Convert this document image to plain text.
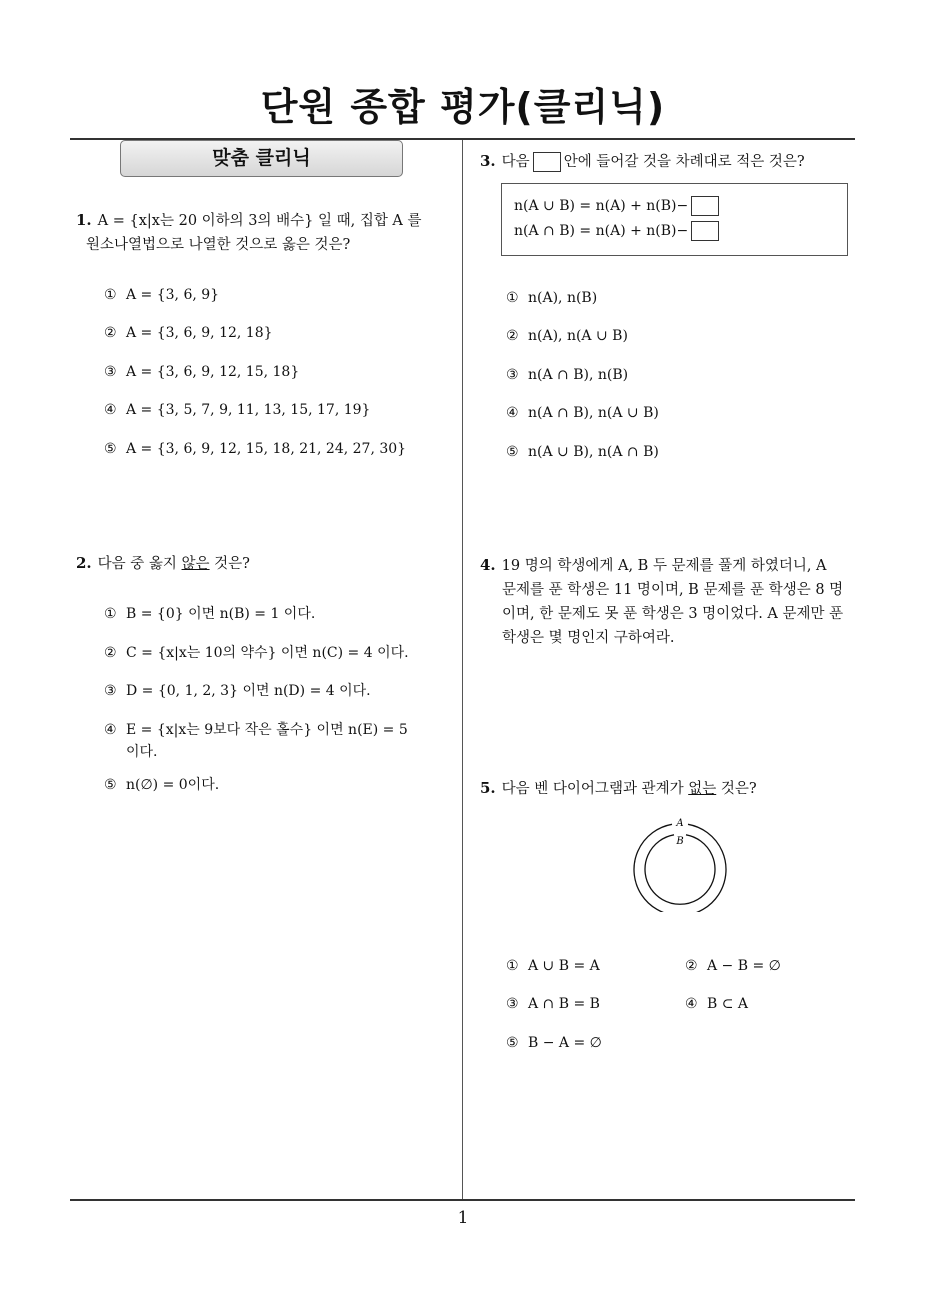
단원 종합 평가(클리닉)
1
맞춤 클리닉
1. A = {x|x는 20 이하의 3의 배수} 일 때, 집합 A 를
원소나열법으로 나열한 것으로 옳은 것은?
① A = {3, 6, 9}
② A = {3, 6, 9, 12, 18}
③ A = {3, 6, 9, 12, 15, 18}
④ A = {3, 5, 7, 9, 11, 13, 15, 17, 19}
⑤ A = {3, 6, 9, 12, 15, 18, 21, 24, 27, 30}
2. 다음 중 옳지 않은 것은?
① B = {0} 이면 n(B) = 1 이다.
② C = {x|x는 10의 약수} 이면 n(C) = 4 이다.
③ D = {0, 1, 2, 3} 이면 n(D) = 4 이다.
④ E = {x|x는 9보다 작은 홀수} 이면 n(E) = 5
이다.
⑤ n(∅) = 0이다.
3. 다음 안에 들어갈 것을 차례대로 적은 것은?
n(A ∪ B) = n(A) + n(B)−
n(A ∩ B) = n(A) + n(B)−
① n(A), n(B)
② n(A), n(A ∪ B)
③ n(A ∩ B), n(B)
④ n(A ∩ B), n(A ∪ B)
⑤ n(A ∪ B), n(A ∩ B)
4. 19 명의 학생에게 A, B 두 문제를 풀게 하였더니, A
문제를 푼 학생은 11 명이며, B 문제를 푼 학생은 8 명
이며, 한 문제도 못 푼 학생은 3 명이었다. A 문제만 푼
학생은 몇 명인지 구하여라.
5. 다음 벤 다이어그램과 관계가 없는 것은?
A
B
① A ∪ B = A	② A − B = ∅
③ A ∩ B = B	④ B ⊂ A
⑤ B − A = ∅
